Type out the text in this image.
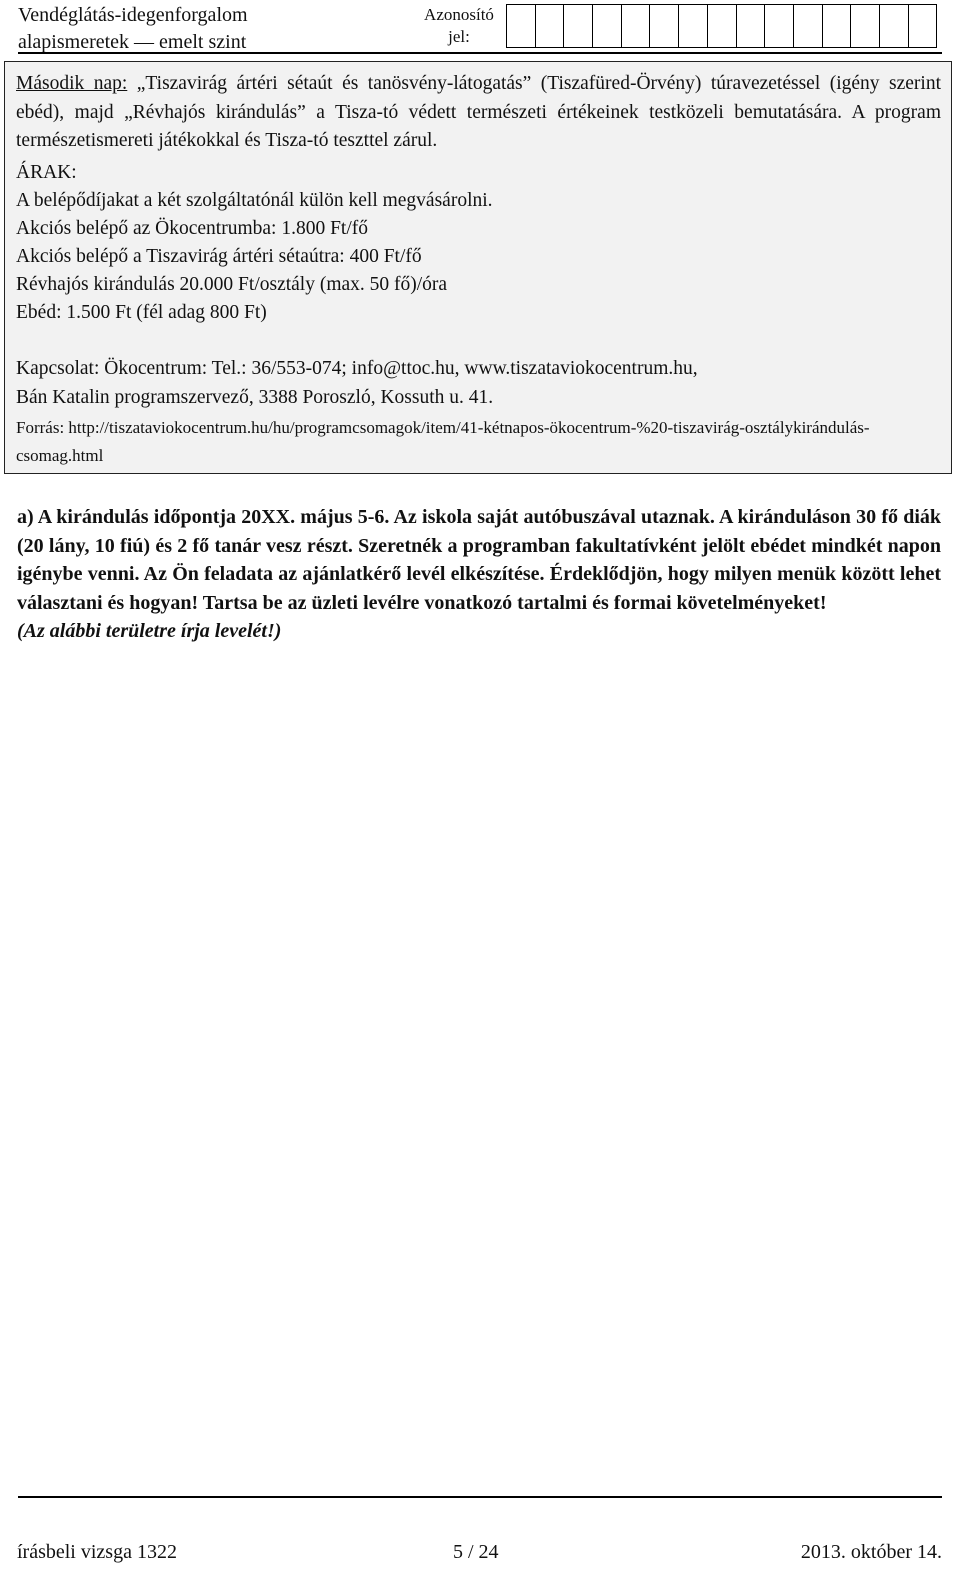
Vendéglátás-idegenforgalom
alapismeretek — emelt szint
Azonosító
jel:
Második nap: „Tiszavirág ártéri sétaút és tanösvény-látogatás” (Tiszafüred-Örvény) túravezetéssel (igény szerint ebéd), majd „Révhajós kirándulás” a Tisza-tó védett természeti értékeinek testközeli bemutatására. A program természetismereti játékokkal és Tisza-tó teszttel zárul.
ÁRAK:
A belépődíjakat a két szolgáltatónál külön kell megvásárolni.
Akciós belépő az Ökocentrumba: 1.800 Ft/fő
Akciós belépő a Tiszavirág ártéri sétaútra: 400 Ft/fő
Révhajós kirándulás 20.000 Ft/osztály (max. 50 fő)/óra
Ebéd: 1.500 Ft (fél adag 800 Ft)
Kapcsolat: Ökocentrum: Tel.: 36/553-074; info@ttoc.hu, www.tiszataviokocentrum.hu,
Bán Katalin programszervező, 3388 Poroszló, Kossuth u. 41.
Forrás: http://tiszataviokocentrum.hu/hu/programcsomagok/item/41-kétnapos-ökocentrum-%20-tiszavirág-osztálykirándulás-csomag.html
a) A kirándulás időpontja 20XX. május 5-6. Az iskola saját autóbuszával utaznak. A kiránduláson 30 fő diák (20 lány, 10 fiú) és 2 fő tanár vesz részt. Szeretnék a programban fakultatívként jelölt ebédet mindkét napon igénybe venni. Az Ön feladata az ajánlatkérő levél elkészítése. Érdeklődjön, hogy milyen menük között lehet választani és hogyan! Tartsa be az üzleti levélre vonatkozó tartalmi és formai követelményeket!
(Az alábbi területre írja levelét!)
írásbeli vizsga 1322	5 / 24	2013. október 14.
